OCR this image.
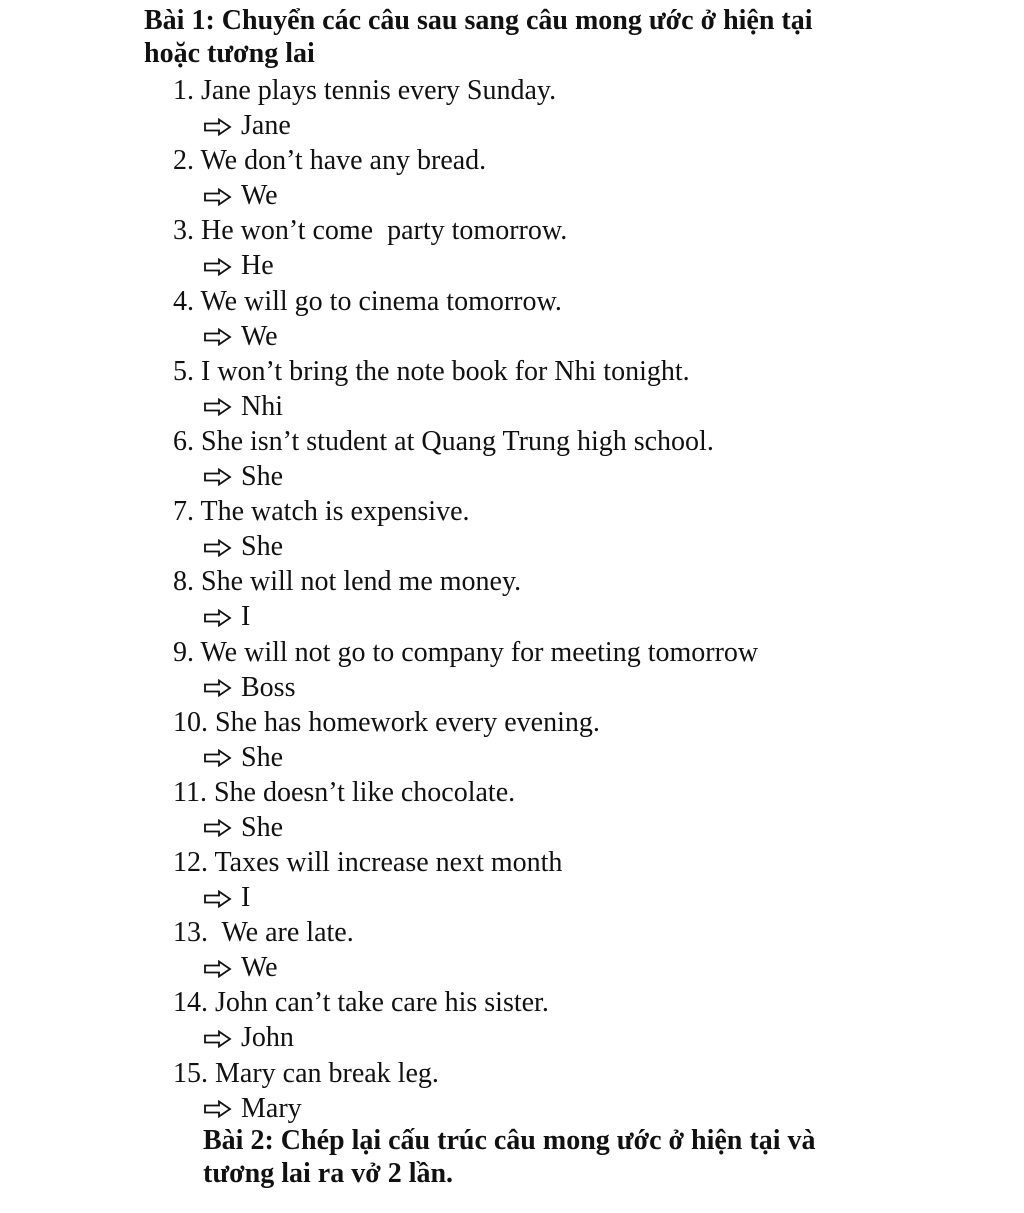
Bài 1: Chuyển các câu sau sang câu mong ước ở hiện tại
hoặc tương lai
1. Jane plays tennis every Sunday.
Jane
2. We don’t have any bread.
We
3. He won’t come  party tomorrow.
He
4. We will go to cinema tomorrow.
We
5. I won’t bring the note book for Nhi tonight.
Nhi
6. She isn’t student at Quang Trung high school.
She
7. The watch is expensive.
She
8. She will not lend me money.
I
9. We will not go to company for meeting tomorrow
Boss
10. She has homework every evening.
She
11. She doesn’t like chocolate.
She
12. Taxes will increase next month
I
13.  We are late.
We
14. John can’t take care his sister.
John
15. Mary can break leg.
Mary
Bài 2: Chép lại cấu trúc câu mong ước ở hiện tại và
tương lai ra vở 2 lần.
